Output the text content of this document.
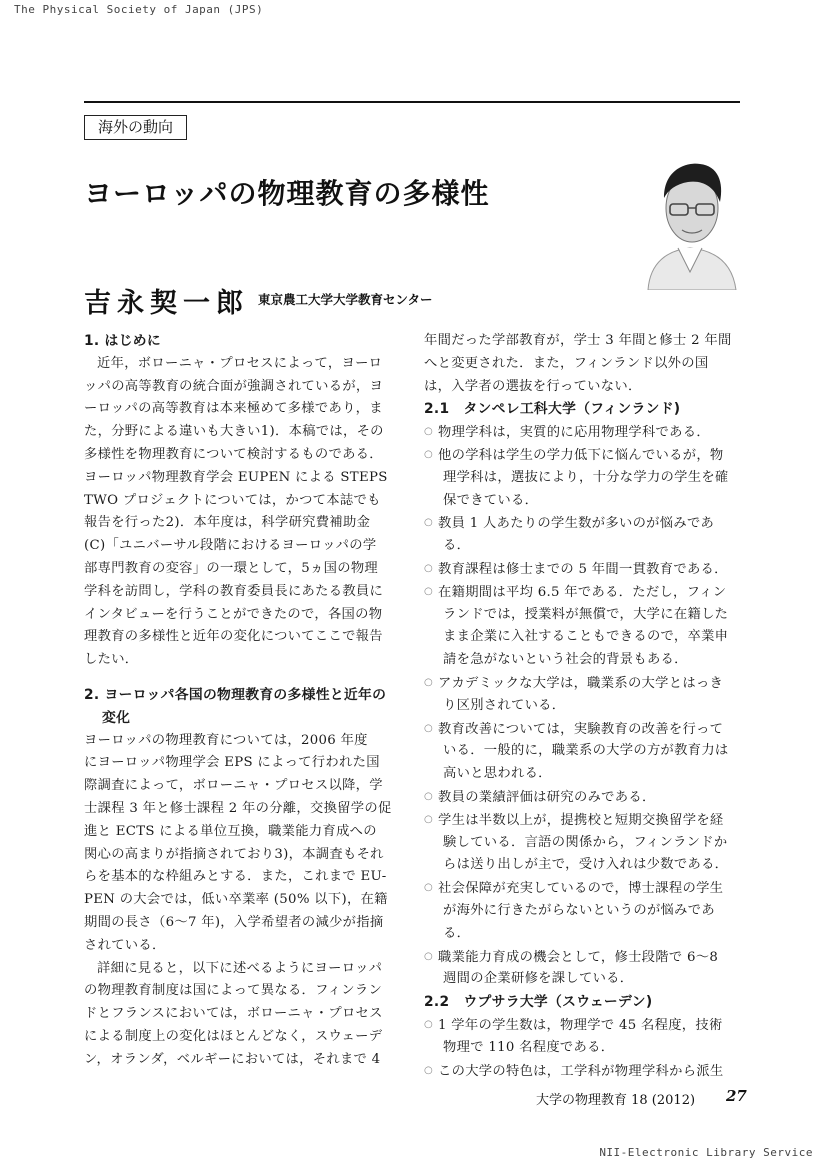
The Physical Society of Japan (JPS)
海外の動向
ヨーロッパの物理教育の多様性
吉永契一郎 東京農工大学大学教育センター
1. はじめに
近年，ボローニャ・プロセスによって，ヨーロ
ッパの高等教育の統合面が強調されているが，ヨ
ーロッパの高等教育は本来極めて多様であり，ま
た，分野による違いも大きい1)．本稿では，その
多様性を物理教育について検討するものである．
ヨーロッパ物理教育学会 EUPEN による STEPS
TWO プロジェクトについては，かつて本誌でも
報告を行った2)．本年度は，科学研究費補助金
(C)「ユニバーサル段階におけるヨーロッパの学
部専門教育の変容」の一環として，5ヵ国の物理
学科を訪問し，学科の教育委員長にあたる教員に
インタビューを行うことができたので，各国の物
理教育の多様性と近年の変化についてここで報告
したい．
2. ヨーロッパ各国の物理教育の多様性と近年の
変化
ヨーロッパの物理教育については，2006 年度
にヨーロッパ物理学会 EPS によって行われた国
際調査によって，ボローニャ・プロセス以降，学
士課程 3 年と修士課程 2 年の分離，交換留学の促
進と ECTS による単位互換，職業能力育成への
関心の高まりが指摘されており3)，本調査もそれ
らを基本的な枠組みとする．また，これまで EU-
PEN の大会では，低い卒業率 (50% 以下)，在籍
期間の長さ（6～7 年)，入学希望者の減少が指摘
されている．
詳細に見ると，以下に述べるようにヨーロッパ
の物理教育制度は国によって異なる．フィンラン
ドとフランスにおいては，ボローニャ・プロセス
による制度上の変化はほとんどなく，スウェーデ
ン，オランダ，ベルギーにおいては，それまで 4
年間だった学部教育が，学士 3 年間と修士 2 年間
へと変更された．また，フィンランド以外の国
は，入学者の選抜を行っていない．
2.1　タンペレ工科大学（フィンランド)
○ 物理学科は，実質的に応用物理学科である．
○ 他の学科は学生の学力低下に悩んでいるが，物
理学科は，選抜により，十分な学力の学生を確
保できている．
○ 教員 1 人あたりの学生数が多いのが悩みであ
る．
○ 教育課程は修士までの 5 年間一貫教育である．
○ 在籍期間は平均 6.5 年である．ただし，フィン
ランドでは，授業料が無償で，大学に在籍した
まま企業に入社することもできるので，卒業申
請を急がないという社会的背景もある．
○ アカデミックな大学は，職業系の大学とはっき
り区別されている．
○ 教育改善については，実験教育の改善を行って
いる．一般的に，職業系の大学の方が教育力は
高いと思われる．
○ 教員の業績評価は研究のみである．
○ 学生は半数以上が，提携校と短期交換留学を経
験している．言語の関係から，フィンランドか
らは送り出しが主で，受け入れは少数である．
○ 社会保障が充実しているので，博士課程の学生
が海外に行きたがらないというのが悩みであ
る．
○ 職業能力育成の機会として，修士段階で 6～8
週間の企業研修を課している．
2.2　ウプサラ大学（スウェーデン)
○ 1 学年の学生数は，物理学で 45 名程度，技術
物理で 110 名程度である．
○ この大学の特色は，工学科が物理学科から派生
大学の物理教育 18 (2012) 27
NII-Electronic Library Service
